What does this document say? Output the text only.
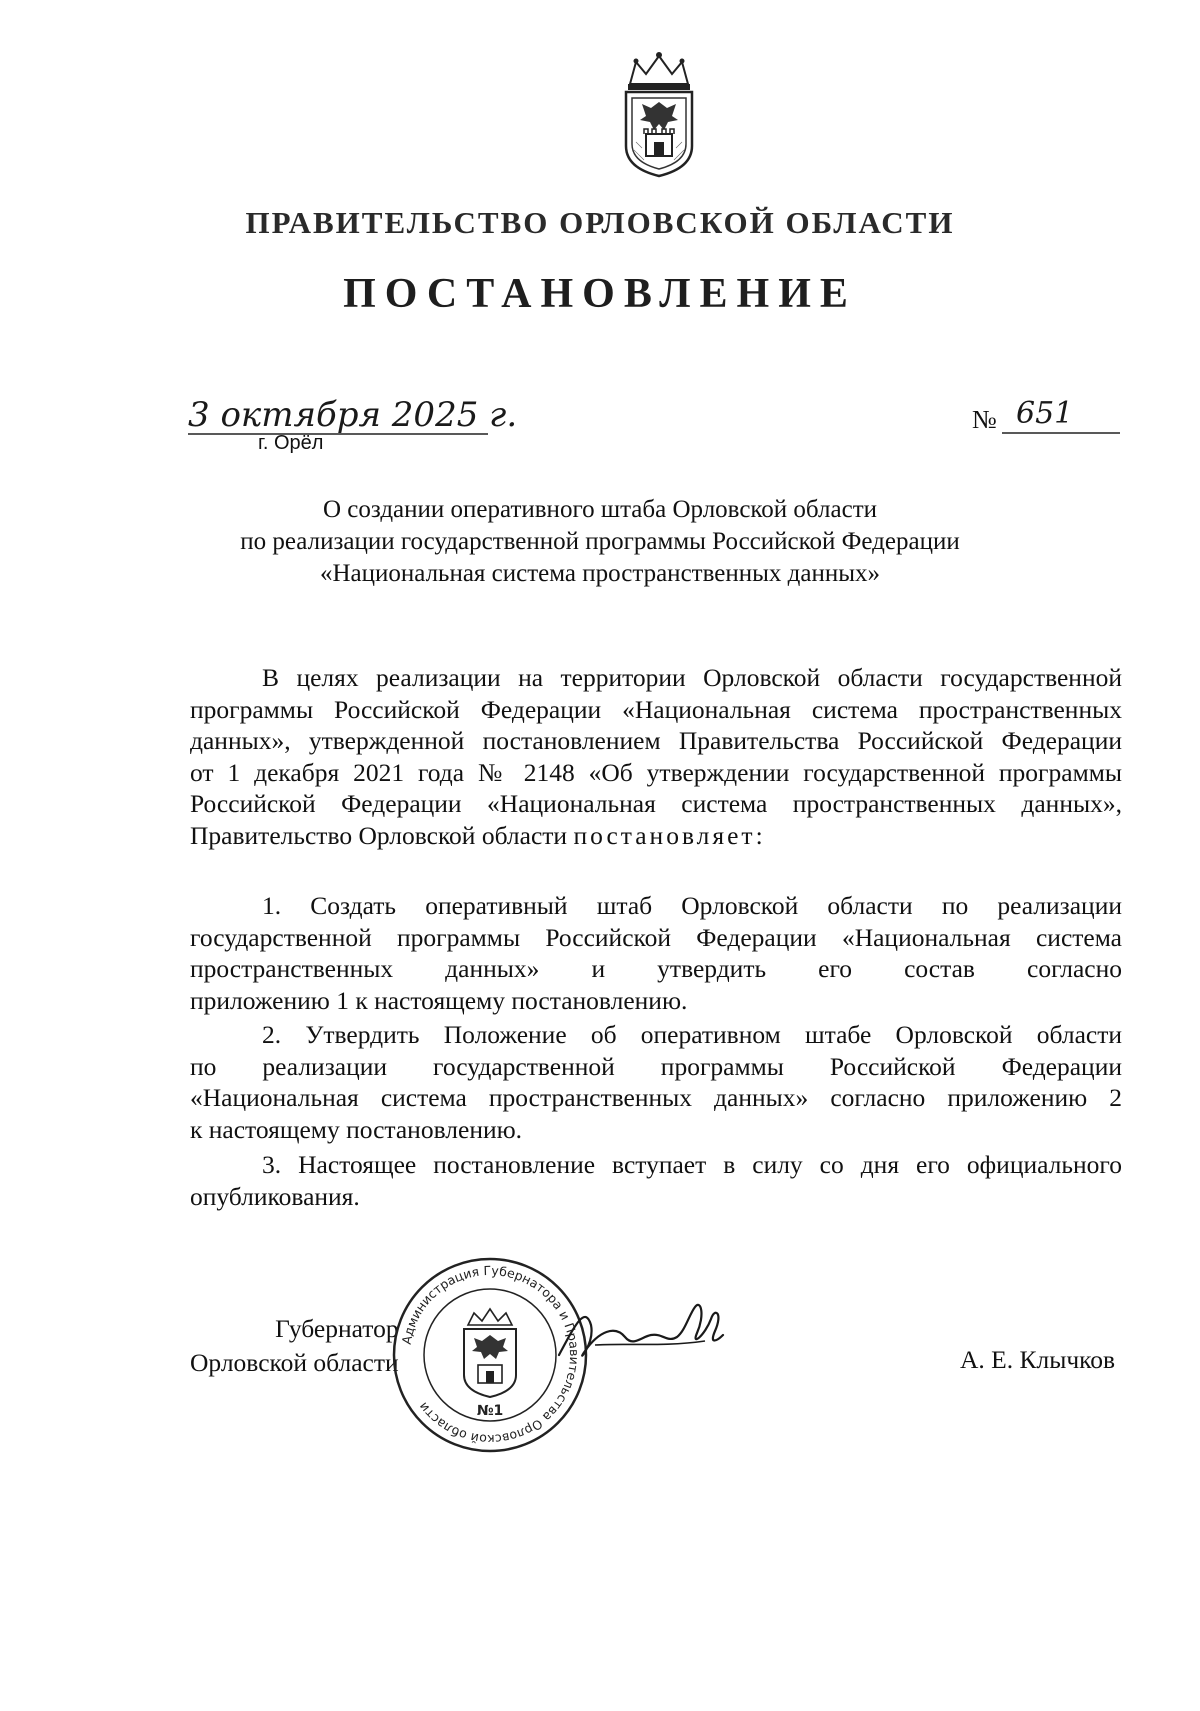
ПРАВИТЕЛЬСТВО ОРЛОВСКОЙ ОБЛАСТИ
ПОСТАНОВЛЕНИЕ
3 октября 2025 г.
г. Орёл
№ 651
О создании оперативного штаба Орловской области
по реализации государственной программы Российской Федерации
«Национальная система пространственных данных»
В целях реализации на территории Орловской области государственной
программы Российской Федерации «Национальная система пространственных
данных», утвержденной постановлением Правительства Российской Федерации
от 1 декабря 2021 года № 2148 «Об утверждении государственной программы
Российской Федерации «Национальная система пространственных данных»,
Правительство Орловской области постановляет:
1. Создать оперативный штаб Орловской области по реализации
государственной программы Российской Федерации «Национальная система
пространственных данных» и утвердить его состав согласно
приложению 1 к настоящему постановлению.
2. Утвердить Положение об оперативном штабе Орловской области
по реализации государственной программы Российской Федерации
«Национальная система пространственных данных» согласно приложению 2
к настоящему постановлению.
3. Настоящее постановление вступает в силу со дня его официального
опубликования.
Губернатор
Орловской области
Администрация Губернатора и Правительства Орловской области	№1
А. Е. Клычков
